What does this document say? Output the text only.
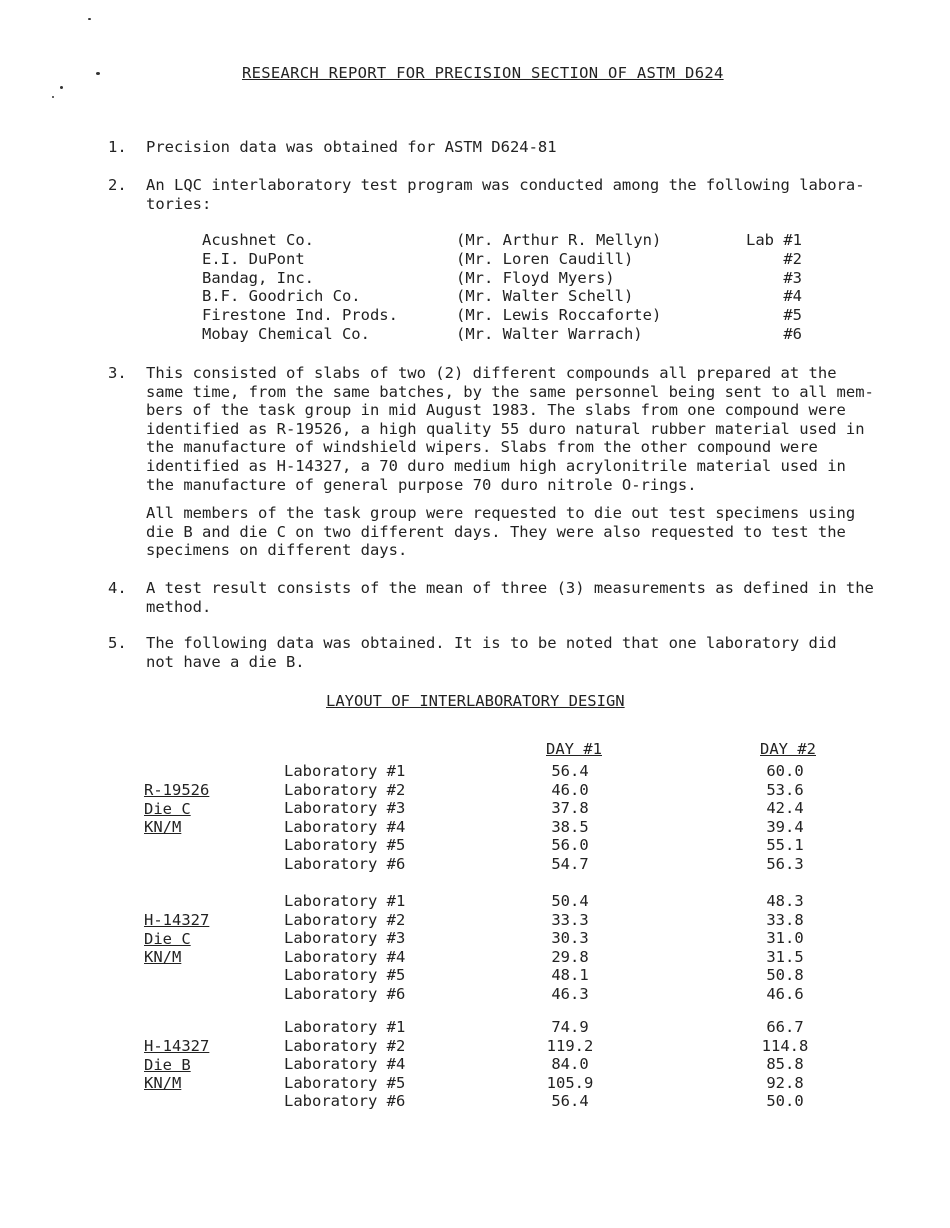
RESEARCH REPORT FOR PRECISION SECTION OF ASTM D624
1. Precision data was obtained for ASTM D624-81
2. An LQC interlaboratory test program was conducted among the following labora-
tories:
Acushnet Co.	(Mr. Arthur R. Mellyn)	Lab #1
E.I. DuPont	(Mr. Loren Caudill)	#2
Bandag, Inc.	(Mr. Floyd Myers)	#3
B.F. Goodrich Co.	(Mr. Walter Schell)	#4
Firestone Ind. Prods.	(Mr. Lewis Roccaforte)	#5
Mobay Chemical Co.	(Mr. Walter Warrach)	#6
3. This consisted of slabs of two (2) different compounds all prepared at the
same time, from the same batches, by the same personnel being sent to all mem-
bers of the task group in mid August 1983. The slabs from one compound were
identified as R-19526, a high quality 55 duro natural rubber material used in
the manufacture of windshield wipers. Slabs from the other compound were
identified as H-14327, a 70 duro medium high acrylonitrile material used in
the manufacture of general purpose 70 duro nitrole O-rings.
All members of the task group were requested to die out test specimens using
die B and die C on two different days. They were also requested to test the
specimens on different days.
4. A test result consists of the mean of three (3) measurements as defined in the
method.
5. The following data was obtained. It is to be noted that one laboratory did
not have a die B.
LAYOUT OF INTERLABORATORY DESIGN
DAY #1	DAY #2
R-19526
Die C
KN/M
Laboratory #1	56.4	60.0
Laboratory #2	46.0	53.6
Laboratory #3	37.8	42.4
Laboratory #4	38.5	39.4
Laboratory #5	56.0	55.1
Laboratory #6	54.7	56.3
H-14327
Die C
KN/M
Laboratory #1	50.4	48.3
Laboratory #2	33.3	33.8
Laboratory #3	30.3	31.0
Laboratory #4	29.8	31.5
Laboratory #5	48.1	50.8
Laboratory #6	46.3	46.6
H-14327
Die B
KN/M
Laboratory #1	74.9	66.7
Laboratory #2	119.2	114.8
Laboratory #4	84.0	85.8
Laboratory #5	105.9	92.8
Laboratory #6	56.4	50.0
